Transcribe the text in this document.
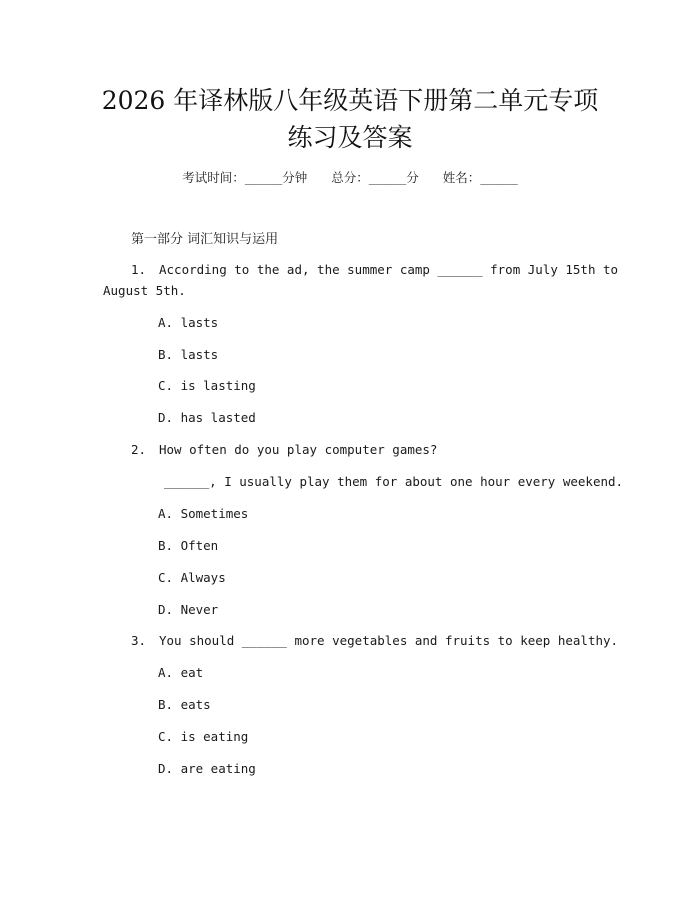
2026 年译林版八年级英语下册第二单元专项
练习及答案
考试时间：______分钟 总分：______分 姓名：______
第一部分 词汇知识与运用
1. According to the ad, the summer camp ______ from July 15th to
August 5th.
A. lasts
B. lasts
C. is lasting
D. has lasted
2. How often do you play computer games?
______, I usually play them for about one hour every weekend.
A. Sometimes
B. Often
C. Always
D. Never
3. You should ______ more vegetables and fruits to keep healthy.
A. eat
B. eats
C. is eating
D. are eating
